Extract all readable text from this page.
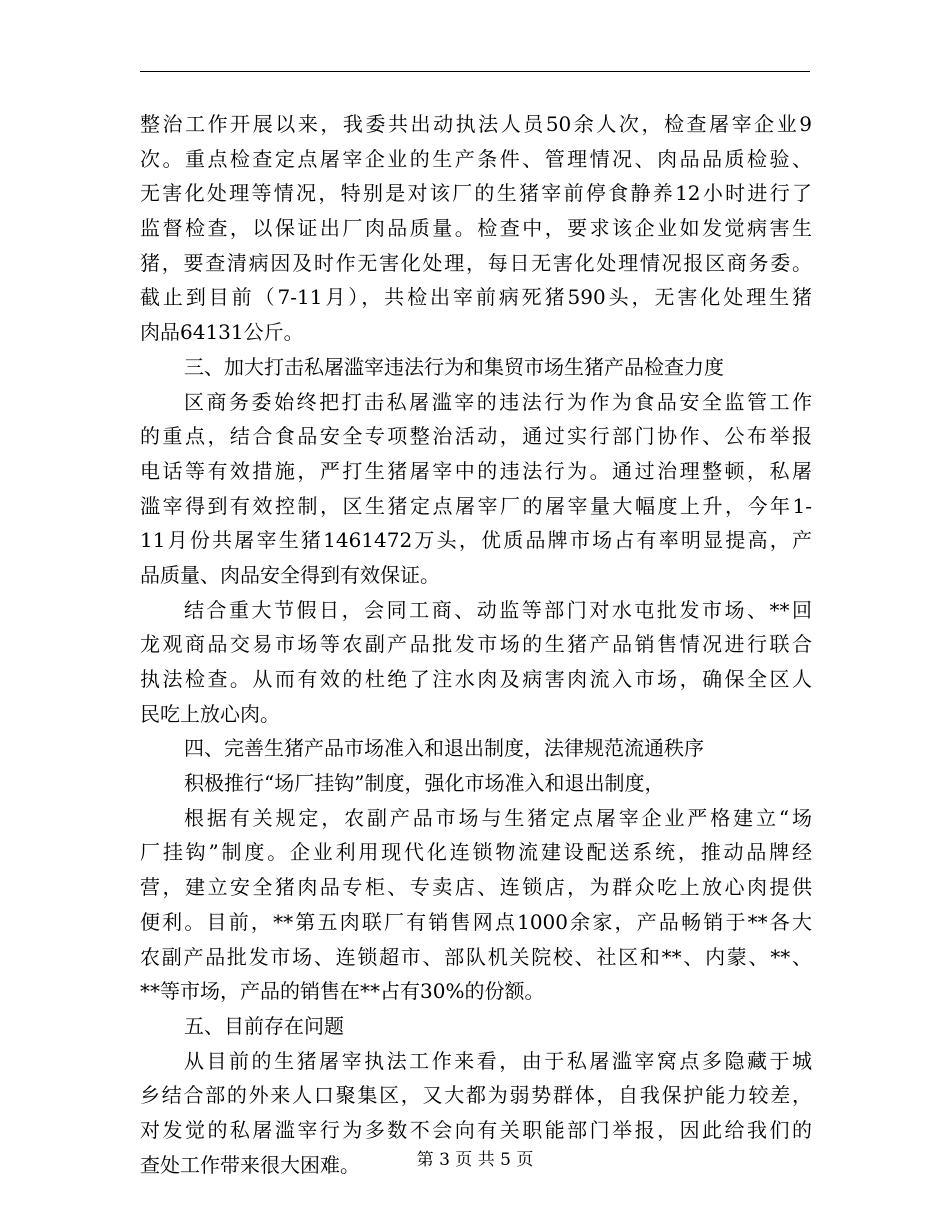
整治工作开展以来，我委共出动执法人员50余人次，检查屠宰企业9
次。重点检查定点屠宰企业的生产条件、管理情况、肉品品质检验、
无害化处理等情况，特别是对该厂的生猪宰前停食静养12小时进行了
监督检查，以保证出厂肉品质量。检查中，要求该企业如发觉病害生
猪，要查清病因及时作无害化处理，每日无害化处理情况报区商务委。
截止到目前（7-11月），共检出宰前病死猪590头，无害化处理生猪
肉品64131公斤。
三、加大打击私屠滥宰违法行为和集贸市场生猪产品检查力度
区商务委始终把打击私屠滥宰的违法行为作为食品安全监管工作
的重点，结合食品安全专项整治活动，通过实行部门协作、公布举报
电话等有效措施，严打生猪屠宰中的违法行为。通过治理整顿，私屠
滥宰得到有效控制，区生猪定点屠宰厂的屠宰量大幅度上升，今年1-
11月份共屠宰生猪1461472万头，优质品牌市场占有率明显提高，产
品质量、肉品安全得到有效保证。
结合重大节假日，会同工商、动监等部门对水屯批发市场、**回
龙观商品交易市场等农副产品批发市场的生猪产品销售情况进行联合
执法检查。从而有效的杜绝了注水肉及病害肉流入市场，确保全区人
民吃上放心肉。
四、完善生猪产品市场准入和退出制度，法律规范流通秩序
积极推行“场厂挂钩”制度，强化市场准入和退出制度，
根据有关规定，农副产品市场与生猪定点屠宰企业严格建立“场
厂挂钩”制度。企业利用现代化连锁物流建设配送系统，推动品牌经
营，建立安全猪肉品专柜、专卖店、连锁店，为群众吃上放心肉提供
便利。目前，**第五肉联厂有销售网点1000余家，产品畅销于**各大
农副产品批发市场、连锁超市、部队机关院校、社区和**、内蒙、**、
**等市场，产品的销售在**占有30%的份额。
五、目前存在问题
从目前的生猪屠宰执法工作来看，由于私屠滥宰窝点多隐藏于城
乡结合部的外来人口聚集区，又大都为弱势群体，自我保护能力较差，
对发觉的私屠滥宰行为多数不会向有关职能部门举报，因此给我们的
查处工作带来很大困难。	第 3 页 共 5 页
